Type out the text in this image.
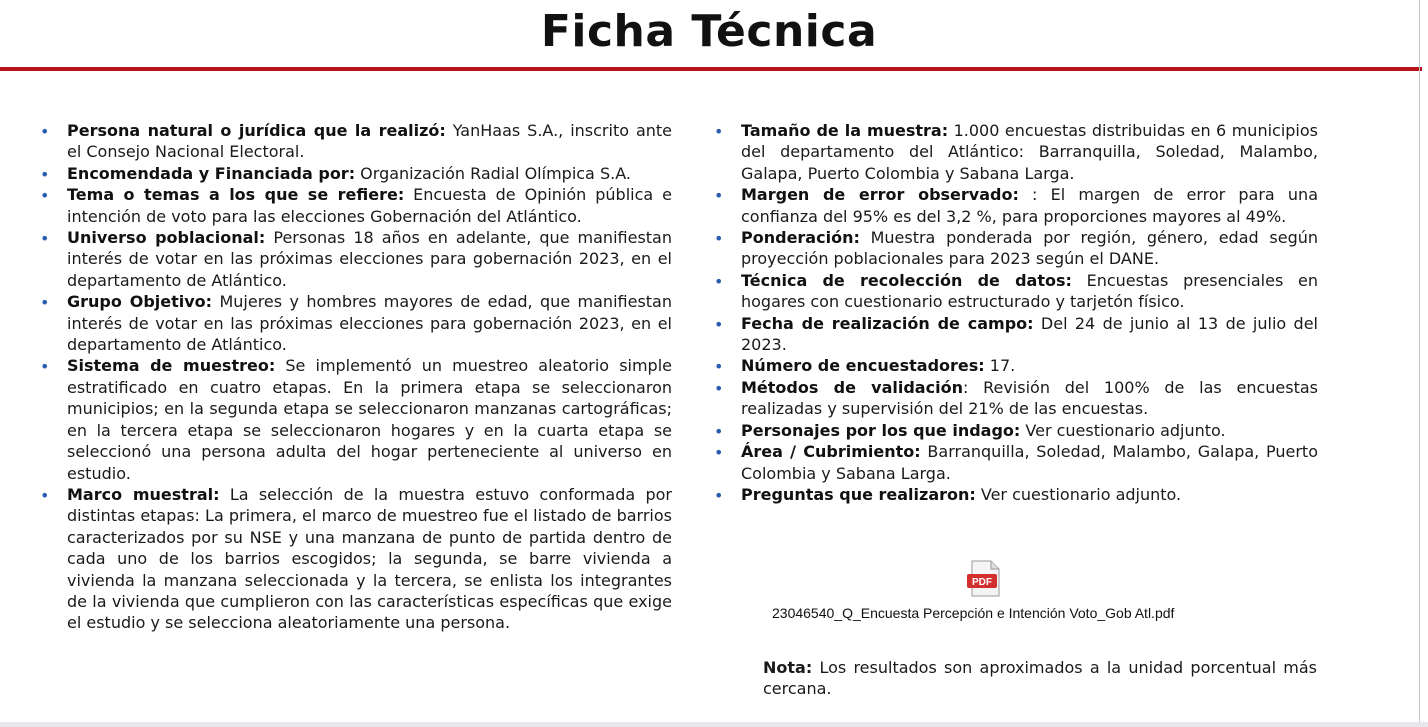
Ficha Técnica
• Persona natural o jurídica que la realizó: YanHaas S.A., inscrito ante el Consejo Nacional Electoral.
• Encomendada y Financiada por: Organización Radial Olímpica S.A.
• Tema o temas a los que se refiere: Encuesta de Opinión pública e intención de voto para las elecciones Gobernación del Atlántico.
• Universo poblacional: Personas 18 años en adelante, que manifiestan interés de votar en las próximas elecciones para gobernación 2023, en el departamento de Atlántico.
• Grupo Objetivo: Mujeres y hombres mayores de edad, que manifiestan interés de votar en las próximas elecciones para gobernación 2023, en el departamento de Atlántico.
• Sistema de muestreo: Se implementó un muestreo aleatorio simple estratificado en cuatro etapas. En la primera etapa se seleccionaron municipios; en la segunda etapa se seleccionaron manzanas cartográficas; en la tercera etapa se seleccionaron hogares y en la cuarta etapa se seleccionó una persona adulta del hogar perteneciente al universo en estudio.
• Marco muestral: La selección de la muestra estuvo conformada por distintas etapas: La primera, el marco de muestreo fue el listado de barrios caracterizados por su NSE y una manzana de punto de partida dentro de cada uno de los barrios escogidos; la segunda, se barre vivienda a vivienda la manzana seleccionada y la tercera, se enlista los integrantes de la vivienda que cumplieron con las características específicas que exige el estudio y se selecciona aleatoriamente una persona.
• Tamaño de la muestra: 1.000 encuestas distribuidas en 6 municipios del departamento del Atlántico: Barranquilla, Soledad, Malambo, Galapa, Puerto Colombia y Sabana Larga.
• Margen de error observado: : El margen de error para una confianza del 95% es del 3,2 %, para proporciones mayores al 49%.
• Ponderación: Muestra ponderada por región, género, edad según proyección poblacionales para 2023 según el DANE.
• Técnica de recolección de datos: Encuestas presenciales en hogares con cuestionario estructurado y tarjetón físico.
• Fecha de realización de campo: Del 24 de junio al 13 de julio del 2023.
• Número de encuestadores: 17.
• Métodos de validación: Revisión del 100% de las encuestas realizadas y supervisión del 21% de las encuestas.
• Personajes por los que indago: Ver cuestionario adjunto.
• Área / Cubrimiento: Barranquilla, Soledad, Malambo, Galapa, Puerto Colombia y Sabana Larga.
• Preguntas que realizaron: Ver cuestionario adjunto.
PDF
23046540_Q_Encuesta Percepción e Intención Voto_Gob Atl.pdf
Nota: Los resultados son aproximados a la unidad porcentual más cercana.
